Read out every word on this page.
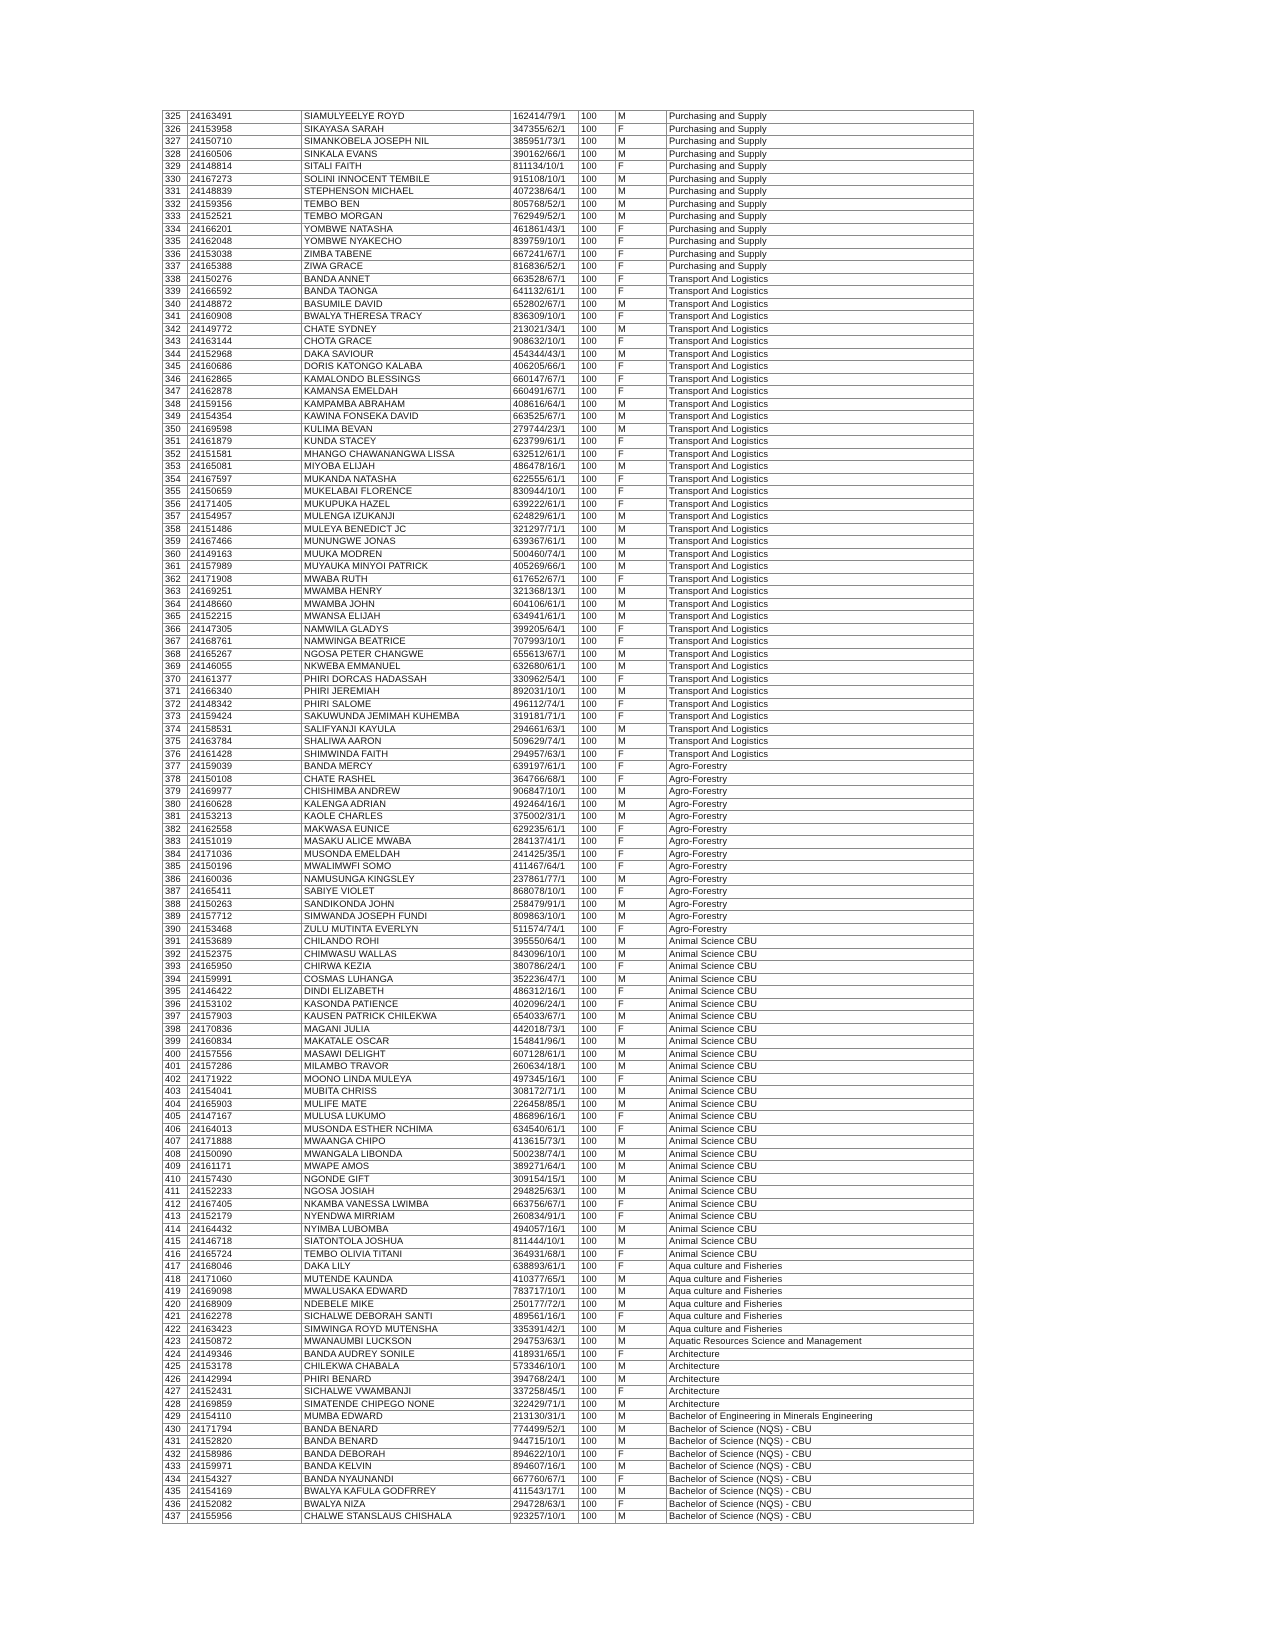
325	24163491	SIAMULYEELYE ROYD	162414/79/1	100	M	Purchasing and Supply
326	24153958	SIKAYASA SARAH	347355/62/1	100	F	Purchasing and Supply
327	24150710	SIMANKOBELA JOSEPH NIL	385951/73/1	100	M	Purchasing and Supply
328	24160506	SINKALA EVANS	390162/66/1	100	M	Purchasing and Supply
329	24148814	SITALI FAITH	811134/10/1	100	F	Purchasing and Supply
330	24167273	SOLINI INNOCENT TEMBILE	915108/10/1	100	M	Purchasing and Supply
331	24148839	STEPHENSON MICHAEL	407238/64/1	100	M	Purchasing and Supply
332	24159356	TEMBO BEN	805768/52/1	100	M	Purchasing and Supply
333	24152521	TEMBO MORGAN	762949/52/1	100	M	Purchasing and Supply
334	24166201	YOMBWE NATASHA	461861/43/1	100	F	Purchasing and Supply
335	24162048	YOMBWE NYAKECHO	839759/10/1	100	F	Purchasing and Supply
336	24153038	ZIMBA TABENE	667241/67/1	100	F	Purchasing and Supply
337	24165388	ZIWA GRACE	816836/52/1	100	F	Purchasing and Supply
338	24150276	BANDA ANNET	663528/67/1	100	F	Transport And Logistics
339	24166592	BANDA TAONGA	641132/61/1	100	F	Transport And Logistics
340	24148872	BASUMILE DAVID	652802/67/1	100	M	Transport And Logistics
341	24160908	BWALYA THERESA TRACY	836309/10/1	100	F	Transport And Logistics
342	24149772	CHATE SYDNEY	213021/34/1	100	M	Transport And Logistics
343	24163144	CHOTA GRACE	908632/10/1	100	F	Transport And Logistics
344	24152968	DAKA SAVIOUR	454344/43/1	100	M	Transport And Logistics
345	24160686	DORIS KATONGO KALABA	406205/66/1	100	F	Transport And Logistics
346	24162865	KAMALONDO BLESSINGS	660147/67/1	100	F	Transport And Logistics
347	24162878	KAMANSA EMELDAH	660491/67/1	100	F	Transport And Logistics
348	24159156	KAMPAMBA ABRAHAM	408616/64/1	100	M	Transport And Logistics
349	24154354	KAWINA FONSEKA DAVID	663525/67/1	100	M	Transport And Logistics
350	24169598	KULIMA BEVAN	279744/23/1	100	M	Transport And Logistics
351	24161879	KUNDA STACEY	623799/61/1	100	F	Transport And Logistics
352	24151581	MHANGO CHAWANANGWA LISSA	632512/61/1	100	F	Transport And Logistics
353	24165081	MIYOBA ELIJAH	486478/16/1	100	M	Transport And Logistics
354	24167597	MUKANDA NATASHA	622555/61/1	100	F	Transport And Logistics
355	24150659	MUKELABAI FLORENCE	830944/10/1	100	F	Transport And Logistics
356	24171405	MUKUPUKA HAZEL	639222/61/1	100	F	Transport And Logistics
357	24154957	MULENGA IZUKANJI	624829/61/1	100	M	Transport And Logistics
358	24151486	MULEYA BENEDICT JC	321297/71/1	100	M	Transport And Logistics
359	24167466	MUNUNGWE JONAS	639367/61/1	100	M	Transport And Logistics
360	24149163	MUUKA MODREN	500460/74/1	100	M	Transport And Logistics
361	24157989	MUYAUKA MINYOI PATRICK	405269/66/1	100	M	Transport And Logistics
362	24171908	MWABA RUTH	617652/67/1	100	F	Transport And Logistics
363	24169251	MWAMBA HENRY	321368/13/1	100	M	Transport And Logistics
364	24148660	MWAMBA JOHN	604106/61/1	100	M	Transport And Logistics
365	24152215	MWANSA ELIJAH	634941/61/1	100	M	Transport And Logistics
366	24147305	NAMWILA GLADYS	399205/64/1	100	F	Transport And Logistics
367	24168761	NAMWINGA BEATRICE	707993/10/1	100	F	Transport And Logistics
368	24165267	NGOSA PETER CHANGWE	655613/67/1	100	M	Transport And Logistics
369	24146055	NKWEBA EMMANUEL	632680/61/1	100	M	Transport And Logistics
370	24161377	PHIRI DORCAS HADASSAH	330962/54/1	100	F	Transport And Logistics
371	24166340	PHIRI JEREMIAH	892031/10/1	100	M	Transport And Logistics
372	24148342	PHIRI SALOME	496112/74/1	100	F	Transport And Logistics
373	24159424	SAKUWUNDA JEMIMAH KUHEMBA	319181/71/1	100	F	Transport And Logistics
374	24158531	SALIFYANJI KAYULA	294661/63/1	100	M	Transport And Logistics
375	24163784	SHALIWA AARON	509629/74/1	100	M	Transport And Logistics
376	24161428	SHIMWINDA FAITH	294957/63/1	100	F	Transport And Logistics
377	24159039	BANDA MERCY	639197/61/1	100	F	Agro-Forestry
378	24150108	CHATE RASHEL	364766/68/1	100	F	Agro-Forestry
379	24169977	CHISHIMBA ANDREW	906847/10/1	100	M	Agro-Forestry
380	24160628	KALENGA ADRIAN	492464/16/1	100	M	Agro-Forestry
381	24153213	KAOLE CHARLES	375002/31/1	100	M	Agro-Forestry
382	24162558	MAKWASA EUNICE	629235/61/1	100	F	Agro-Forestry
383	24151019	MASAKU ALICE MWABA	284137/41/1	100	F	Agro-Forestry
384	24171036	MUSONDA EMELDAH	241425/35/1	100	F	Agro-Forestry
385	24150196	MWALIMWFI SOMO	411467/64/1	100	F	Agro-Forestry
386	24160036	NAMUSUNGA KINGSLEY	237861/77/1	100	M	Agro-Forestry
387	24165411	SABIYE VIOLET	868078/10/1	100	F	Agro-Forestry
388	24150263	SANDIKONDA JOHN	258479/91/1	100	M	Agro-Forestry
389	24157712	SIMWANDA JOSEPH FUNDI	809863/10/1	100	M	Agro-Forestry
390	24153468	ZULU MUTINTA EVERLYN	511574/74/1	100	F	Agro-Forestry
391	24153689	CHILANDO ROHI	395550/64/1	100	M	Animal Science CBU
392	24152375	CHIMWASU WALLAS	843096/10/1	100	M	Animal Science CBU
393	24165950	CHIRWA KEZIA	380786/24/1	100	F	Animal Science CBU
394	24159991	COSMAS LUHANGA	352236/47/1	100	M	Animal Science CBU
395	24146422	DINDI ELIZABETH	486312/16/1	100	F	Animal Science CBU
396	24153102	KASONDA PATIENCE	402096/24/1	100	F	Animal Science CBU
397	24157903	KAUSEN PATRICK CHILEKWA	654033/67/1	100	M	Animal Science CBU
398	24170836	MAGANI JULIA	442018/73/1	100	F	Animal Science CBU
399	24160834	MAKATALE OSCAR	154841/96/1	100	M	Animal Science CBU
400	24157556	MASAWI DELIGHT	607128/61/1	100	M	Animal Science CBU
401	24157286	MILAMBO TRAVOR	260634/18/1	100	M	Animal Science CBU
402	24171922	MOONO LINDA MULEYA	497345/16/1	100	F	Animal Science CBU
403	24154041	MUBITA CHRISS	308172/71/1	100	M	Animal Science CBU
404	24165903	MULIFE MATE	226458/85/1	100	M	Animal Science CBU
405	24147167	MULUSA LUKUMO	486896/16/1	100	F	Animal Science CBU
406	24164013	MUSONDA ESTHER NCHIMA	634540/61/1	100	F	Animal Science CBU
407	24171888	MWAANGA CHIPO	413615/73/1	100	M	Animal Science CBU
408	24150090	MWANGALA LIBONDA	500238/74/1	100	M	Animal Science CBU
409	24161171	MWAPE AMOS	389271/64/1	100	M	Animal Science CBU
410	24157430	NGONDE GIFT	309154/15/1	100	M	Animal Science CBU
411	24152233	NGOSA JOSIAH	294825/63/1	100	M	Animal Science CBU
412	24167405	NKAMBA VANESSA LWIMBA	663756/67/1	100	F	Animal Science CBU
413	24152179	NYENDWA MIRRIAM	260834/91/1	100	F	Animal Science CBU
414	24164432	NYIMBA LUBOMBA	494057/16/1	100	M	Animal Science CBU
415	24146718	SIATONTOLA JOSHUA	811444/10/1	100	M	Animal Science CBU
416	24165724	TEMBO OLIVIA TITANI	364931/68/1	100	F	Animal Science CBU
417	24168046	DAKA LILY	638893/61/1	100	F	Aqua culture and Fisheries
418	24171060	MUTENDE KAUNDA	410377/65/1	100	M	Aqua culture and Fisheries
419	24169098	MWALUSAKA EDWARD	783717/10/1	100	M	Aqua culture and Fisheries
420	24168909	NDEBELE MIKE	250177/72/1	100	M	Aqua culture and Fisheries
421	24162278	SICHALWE DEBORAH SANTI	489561/16/1	100	F	Aqua culture and Fisheries
422	24163423	SIMWINGA ROYD MUTENSHA	335391/42/1	100	M	Aqua culture and Fisheries
423	24150872	MWANAUMBI LUCKSON	294753/63/1	100	M	Aquatic Resources Science and Management
424	24149346	BANDA AUDREY SONILE	418931/65/1	100	F	Architecture
425	24153178	CHILEKWA CHABALA	573346/10/1	100	M	Architecture
426	24142994	PHIRI BENARD	394768/24/1	100	M	Architecture
427	24152431	SICHALWE VWAMBANJI	337258/45/1	100	F	Architecture
428	24169859	SIMATENDE CHIPEGO NONE	322429/71/1	100	M	Architecture
429	24154110	MUMBA EDWARD	213130/31/1	100	M	Bachelor of Engineering in Minerals Engineering
430	24171794	BANDA BENARD	774499/52/1	100	M	Bachelor of Science (NQS) - CBU
431	24152820	BANDA BENARD	944715/10/1	100	M	Bachelor of Science (NQS) - CBU
432	24158986	BANDA DEBORAH	894622/10/1	100	F	Bachelor of Science (NQS) - CBU
433	24159971	BANDA KELVIN	894607/16/1	100	M	Bachelor of Science (NQS) - CBU
434	24154327	BANDA NYAUNANDI	667760/67/1	100	F	Bachelor of Science (NQS) - CBU
435	24154169	BWALYA KAFULA GODFRREY	411543/17/1	100	M	Bachelor of Science (NQS) - CBU
436	24152082	BWALYA NIZA	294728/63/1	100	F	Bachelor of Science (NQS) - CBU
437	24155956	CHALWE STANSLAUS CHISHALA	923257/10/1	100	M	Bachelor of Science (NQS) - CBU
